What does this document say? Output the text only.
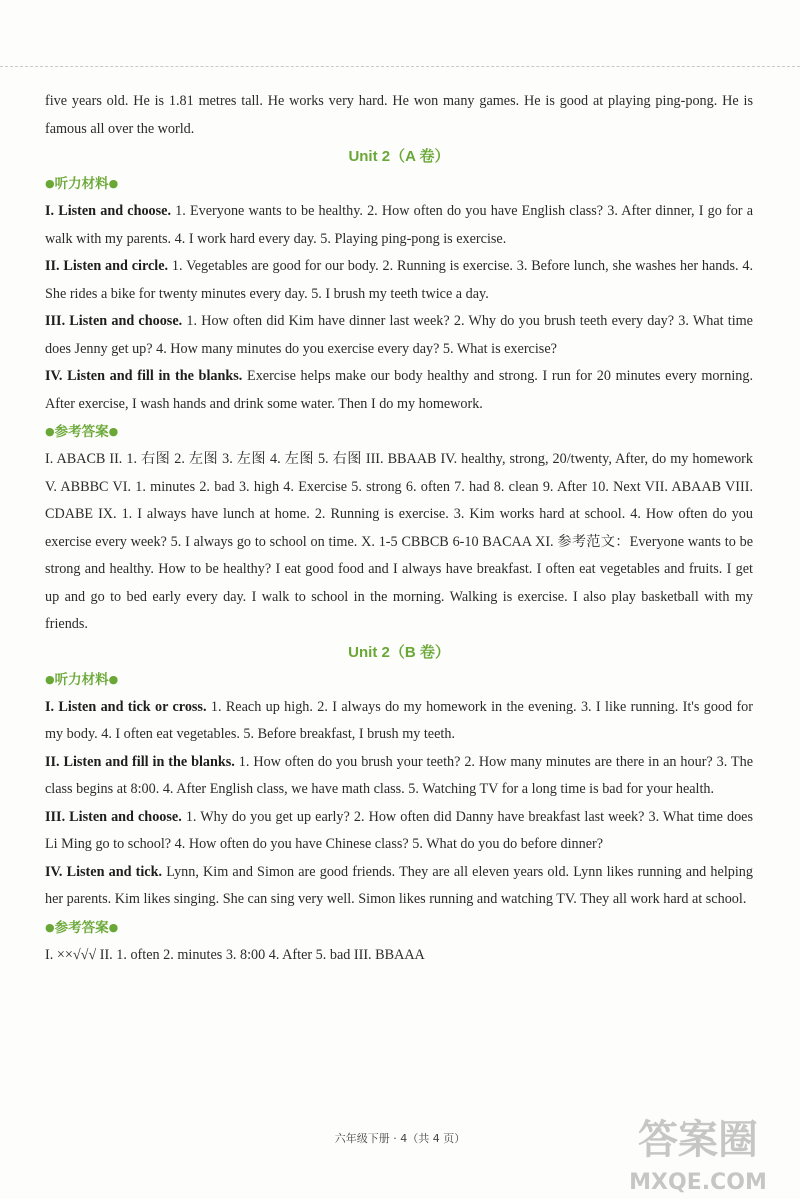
five years old. He is 1.81 metres tall. He works very hard. He won many games. He is good at playing ping-pong. He is famous all over the world.

Unit 2（A 卷）

●听力材料●

I. Listen and choose. 1. Everyone wants to be healthy. 2. How often do you have English class? 3. After dinner, I go for a walk with my parents. 4. I work hard every day. 5. Playing ping-pong is exercise.

II. Listen and circle. 1. Vegetables are good for our body. 2. Running is exercise. 3. Before lunch, she washes her hands. 4. She rides a bike for twenty minutes every day. 5. I brush my teeth twice a day.

III. Listen and choose. 1. How often did Kim have dinner last week? 2. Why do you brush teeth every day? 3. What time does Jenny get up? 4. How many minutes do you exercise every day? 5. What is exercise?

IV. Listen and fill in the blanks. Exercise helps make our body healthy and strong. I run for 20 minutes every morning. After exercise, I wash hands and drink some water. Then I do my homework.

●参考答案●

I. ABACB II. 1. 右图 2. 左图 3. 左图 4. 左图 5. 右图 III. BBAAB IV. healthy, strong, 20/twenty, After, do my homework V. ABBBC VI. 1. minutes 2. bad 3. high 4. Exercise 5. strong 6. often 7. had 8. clean 9. After 10. Next VII. ABAAB VIII. CDABE IX. 1. I always have lunch at home. 2. Running is exercise. 3. Kim works hard at school. 4. How often do you exercise every week? 5. I always go to school on time. X. 1-5 CBBCB 6-10 BACAA XI. 参考范文：Everyone wants to be strong and healthy. How to be healthy? I eat good food and I always have breakfast. I often eat vegetables and fruits. I get up and go to bed early every day. I walk to school in the morning. Walking is exercise. I also play basketball with my friends.

Unit 2（B 卷）

●听力材料●

I. Listen and tick or cross. 1. Reach up high. 2. I always do my homework in the evening. 3. I like running. It's good for my body. 4. I often eat vegetables. 5. Before breakfast, I brush my teeth.

II. Listen and fill in the blanks. 1. How often do you brush your teeth? 2. How many minutes are there in an hour? 3. The class begins at 8:00. 4. After English class, we have math class. 5. Watching TV for a long time is bad for your health.

III. Listen and choose. 1. Why do you get up early? 2. How often did Danny have breakfast last week? 3. What time does Li Ming go to school? 4. How often do you have Chinese class? 5. What do you do before dinner?

IV. Listen and tick. Lynn, Kim and Simon are good friends. They are all eleven years old. Lynn likes running and helping her parents. Kim likes singing. She can sing very well. Simon likes running and watching TV. They all work hard at school.

●参考答案●

I. ××√√√ II. 1. often 2. minutes 3. 8:00 4. After 5. bad III. BBAAA

六年级下册 · 4（共 4 页）	答案圈
MXQE.COM
